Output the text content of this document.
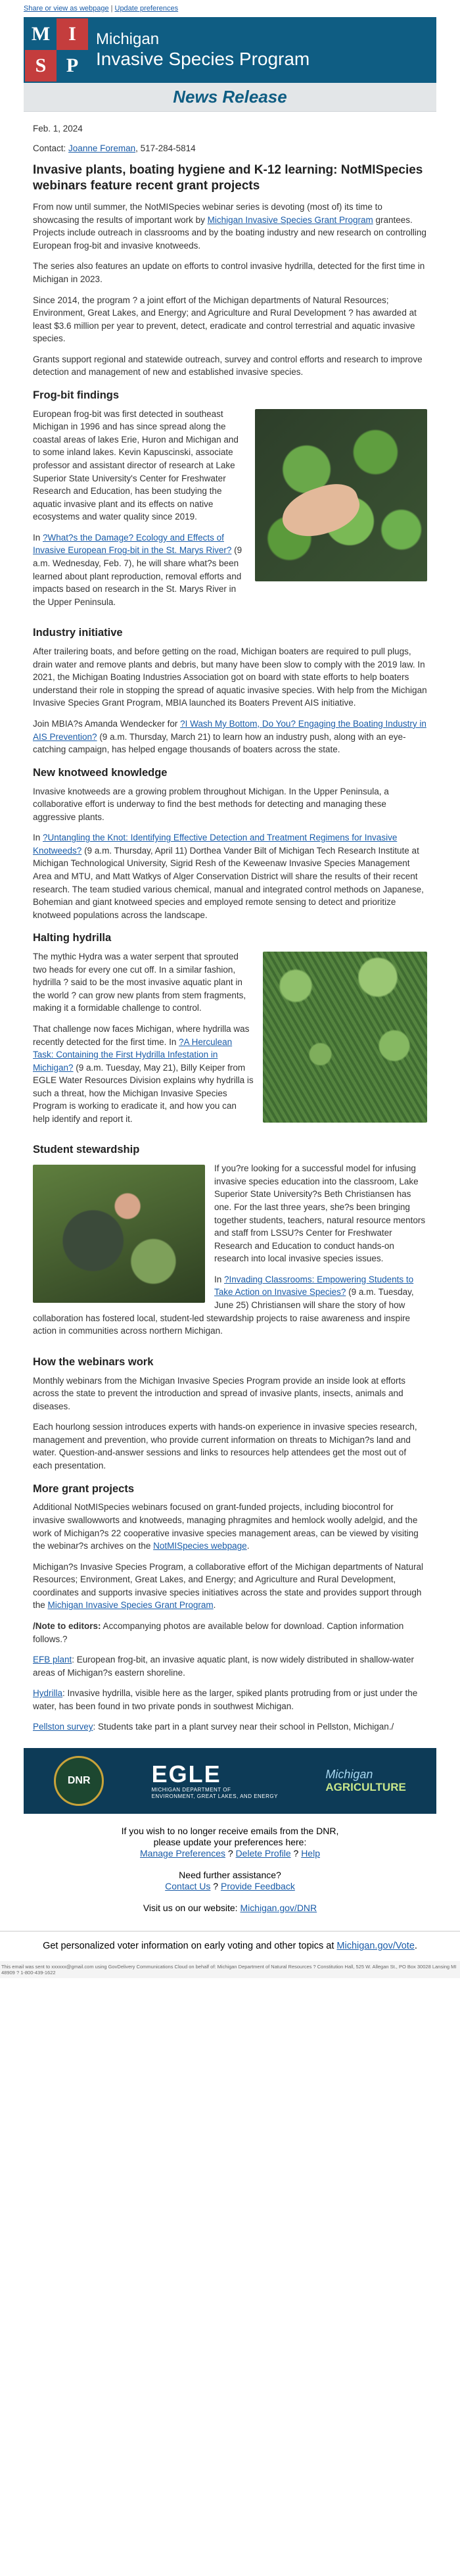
Share or view as webpage | Update preferences
M I
S	P
Michigan
Invasive Species Program
News Release

Feb. 1, 2024

Contact: Joanne Foreman, 517-284-5814

Invasive plants, boating hygiene and K-12 learning: NotMISpecies webinars feature recent grant projects

From now until summer, the NotMISpecies webinar series is devoting (most of) its time to showcasing the results of important work by Michigan Invasive Species Grant Program grantees. Projects include outreach in classrooms and by the boating industry and new research on controlling European frog-bit and invasive knotweeds.

The series also features an update on efforts to control invasive hydrilla, detected for the first time in Michigan in 2023.

Since 2014, the program ? a joint effort of the Michigan departments of Natural Resources; Environment, Great Lakes, and Energy; and Agriculture and Rural Development ? has awarded at least $3.6 million per year to prevent, detect, eradicate and control terrestrial and aquatic invasive species.

Grants support regional and statewide outreach, survey and control efforts and research to improve detection and management of new and established invasive species.

Frog-bit findings

European frog-bit was first detected in southeast Michigan in 1996 and has since spread along the coastal areas of lakes Erie, Huron and Michigan and to some inland lakes. Kevin Kapuscinski, associate professor and assistant director of research at Lake Superior State University's Center for Freshwater Research and Education, has been studying the aquatic invasive plant and its effects on native ecosystems and water quality since 2019.

In ?What?s the Damage? Ecology and Effects of Invasive European Frog-bit in the St. Marys River? (9 a.m. Wednesday, Feb. 7), he will share what?s been learned about plant reproduction, removal efforts and impacts based on research in the St. Marys River in the Upper Peninsula.

Industry initiative

After trailering boats, and before getting on the road, Michigan boaters are required to pull plugs, drain water and remove plants and debris, but many have been slow to comply with the 2019 law. In 2021, the Michigan Boating Industries Association got on board with state efforts to help boaters understand their role in stopping the spread of aquatic invasive species. With help from the Michigan Invasive Species Grant Program, MBIA launched its Boaters Prevent AIS initiative.

Join MBIA?s Amanda Wendecker for ?I Wash My Bottom, Do You? Engaging the Boating Industry in AIS Prevention? (9 a.m. Thursday, March 21) to learn how an industry push, along with an eye-catching campaign, has helped engage thousands of boaters across the state.

New knotweed knowledge

Invasive knotweeds are a growing problem throughout Michigan. In the Upper Peninsula, a collaborative effort is underway to find the best methods for detecting and managing these aggressive plants.

In ?Untangling the Knot: Identifying Effective Detection and Treatment Regimens for Invasive Knotweeds? (9 a.m. Thursday, April 11) Dorthea Vander Bilt of Michigan Tech Research Institute at Michigan Technological University, Sigrid Resh of the Keweenaw Invasive Species Management Area and MTU, and Matt Watkys of Alger Conservation District will share the results of their recent research. The team studied various chemical, manual and integrated control methods on Japanese, Bohemian and giant knotweed species and employed remote sensing to detect and prioritize knotweed populations across the landscape.

Halting hydrilla

The mythic Hydra was a water serpent that sprouted two heads for every one cut off. In a similar fashion, hydrilla ? said to be the most invasive aquatic plant in the world ? can grow new plants from stem fragments, making it a formidable challenge to control.

That challenge now faces Michigan, where hydrilla was recently detected for the first time. In ?A Herculean Task: Containing the First Hydrilla Infestation in Michigan? (9 a.m. Tuesday, May 21), Billy Keiper from EGLE Water Resources Division explains why hydrilla is such a threat, how the Michigan Invasive Species Program is working to eradicate it, and how you can help identify and report it.

Student stewardship

If you?re looking for a successful model for infusing invasive species education into the classroom, Lake Superior State University?s Beth Christiansen has one. For the last three years, she?s been bringing together students, teachers, natural resource mentors and staff from LSSU?s Center for Freshwater Research and Education to conduct hands-on research into local invasive species issues.

In ?Invading Classrooms: Empowering Students to Take Action on Invasive Species? (9 a.m. Tuesday, June 25) Christiansen will share the story of how collaboration has fostered local, student-led stewardship projects to raise awareness and inspire action in communities across northern Michigan.

How the webinars work

Monthly webinars from the Michigan Invasive Species Program provide an inside look at efforts across the state to prevent the introduction and spread of invasive plants, insects, animals and diseases.

Each hourlong session introduces experts with hands-on experience in invasive species research, management and prevention, who provide current information on threats to Michigan?s land and water. Question-and-answer sessions and links to resources help attendees get the most out of each presentation.

More grant projects

Additional NotMISpecies webinars focused on grant-funded projects, including biocontrol for invasive swallowworts and knotweeds, managing phragmites and hemlock woolly adelgid, and the work of Michigan?s 22 cooperative invasive species management areas, can be viewed by visiting the webinar?s archives on the NotMISpecies webpage.

Michigan?s Invasive Species Program, a collaborative effort of the Michigan departments of Natural Resources; Environment, Great Lakes, and Energy; and Agriculture and Rural Development, coordinates and supports invasive species initiatives across the state and provides support through the Michigan Invasive Species Grant Program.

/Note to editors: Accompanying photos are available below for download. Caption information follows.?

EFB plant: European frog-bit, an invasive aquatic plant, is now widely distributed in shallow-water areas of Michigan?s eastern shoreline.

Hydrilla: Invasive hydrilla, visible here as the larger, spiked plants protruding from or just under the water, has been found in two private ponds in southwest Michigan.

Pellston survey: Students take part in a plant survey near their school in Pellston, Michigan./

DNR	EGLE
MICHIGAN DEPARTMENT OF
ENVIRONMENT, GREAT LAKES, AND ENERGY
Michigan
AGRICULTURE

If you wish to no longer receive emails from the DNR,

please update your preferences here:

Manage Preferences ? Delete Profile ? Help

Need further assistance?

Contact Us ? Provide Feedback

Visit us on our website: Michigan.gov/DNR

Get personalized voter information on early voting and other topics at Michigan.gov/Vote.
This email was sent to xxxxxx@gmail.com using GovDelivery Communications Cloud on behalf of: Michigan Department of Natural Resources ? Constitution Hall, 525 W. Allegan St., PO Box 30028 Lansing MI 48909 ? 1-800-439-1622
